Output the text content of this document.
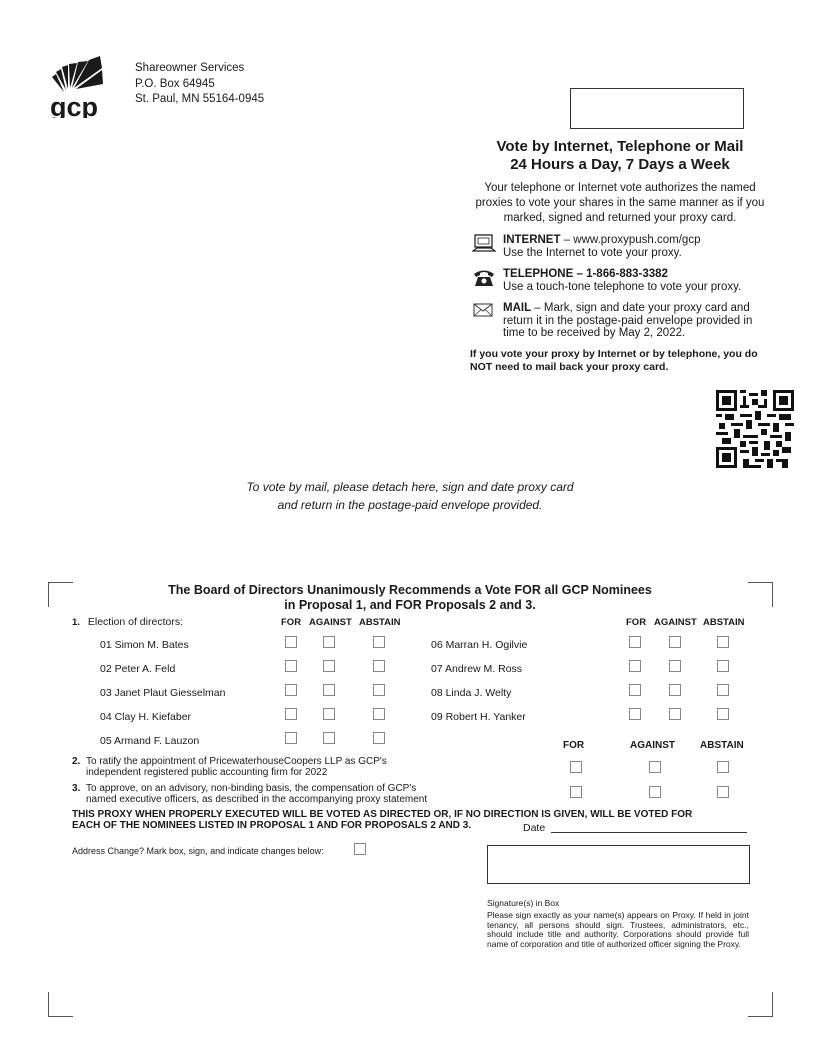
gcp
Shareowner Services
P.O. Box 64945
St. Paul, MN 55164-0945
Vote by Internet, Telephone or Mail
24 Hours a Day, 7 Days a Week
Your telephone or Internet vote authorizes the named proxies to vote your shares in the same manner as if you marked, signed and returned your proxy card.
INTERNET – www.proxypush.com/gcp
Use the Internet to vote your proxy.
TELEPHONE – 1-866-883-3382
Use a touch-tone telephone to vote your proxy.
MAIL – Mark, sign and date your proxy card and return it in the postage-paid envelope provided in time to be received by May 2, 2022.
If you vote your proxy by Internet or by telephone, you do NOT need to mail back your proxy card.
To vote by mail, please detach here, sign and date proxy card
and return in the postage-paid envelope provided.
The Board of Directors Unanimously Recommends a Vote FOR all GCP Nominees
in Proposal 1, and FOR Proposals 2 and 3.
1. Election of directors:	FOR AGAINST ABSTAIN	FOR AGAINST ABSTAIN
01 Simon M. Bates
02 Peter A. Feld
03 Janet Plaut Giesselman
04 Clay H. Kiefaber
05 Armand F. Lauzon
06 Marran H. Ogilvie
07 Andrew M. Ross
08 Linda J. Welty
09 Robert H. Yanker
FOR	AGAINST	ABSTAIN
2. To ratify the appointment of PricewaterhouseCoopers LLP as GCP's
independent registered public accounting firm for 2022
3. To approve, on an advisory, non-binding basis, the compensation of GCP's
named executive officers, as described in the accompanying proxy statement
THIS PROXY WHEN PROPERLY EXECUTED WILL BE VOTED AS DIRECTED OR, IF NO DIRECTION IS GIVEN, WILL BE VOTED FOR
EACH OF THE NOMINEES LISTED IN PROPOSAL 1 AND FOR PROPOSALS 2 AND 3.	Date
Address Change? Mark box, sign, and indicate changes below:
Signature(s) in Box
Please sign exactly as your name(s) appears on Proxy. If held in joint tenancy, all persons should sign. Trustees, administrators, etc., should include title and authority. Corporations should provide full name of corporation and title of authorized officer signing the Proxy.
